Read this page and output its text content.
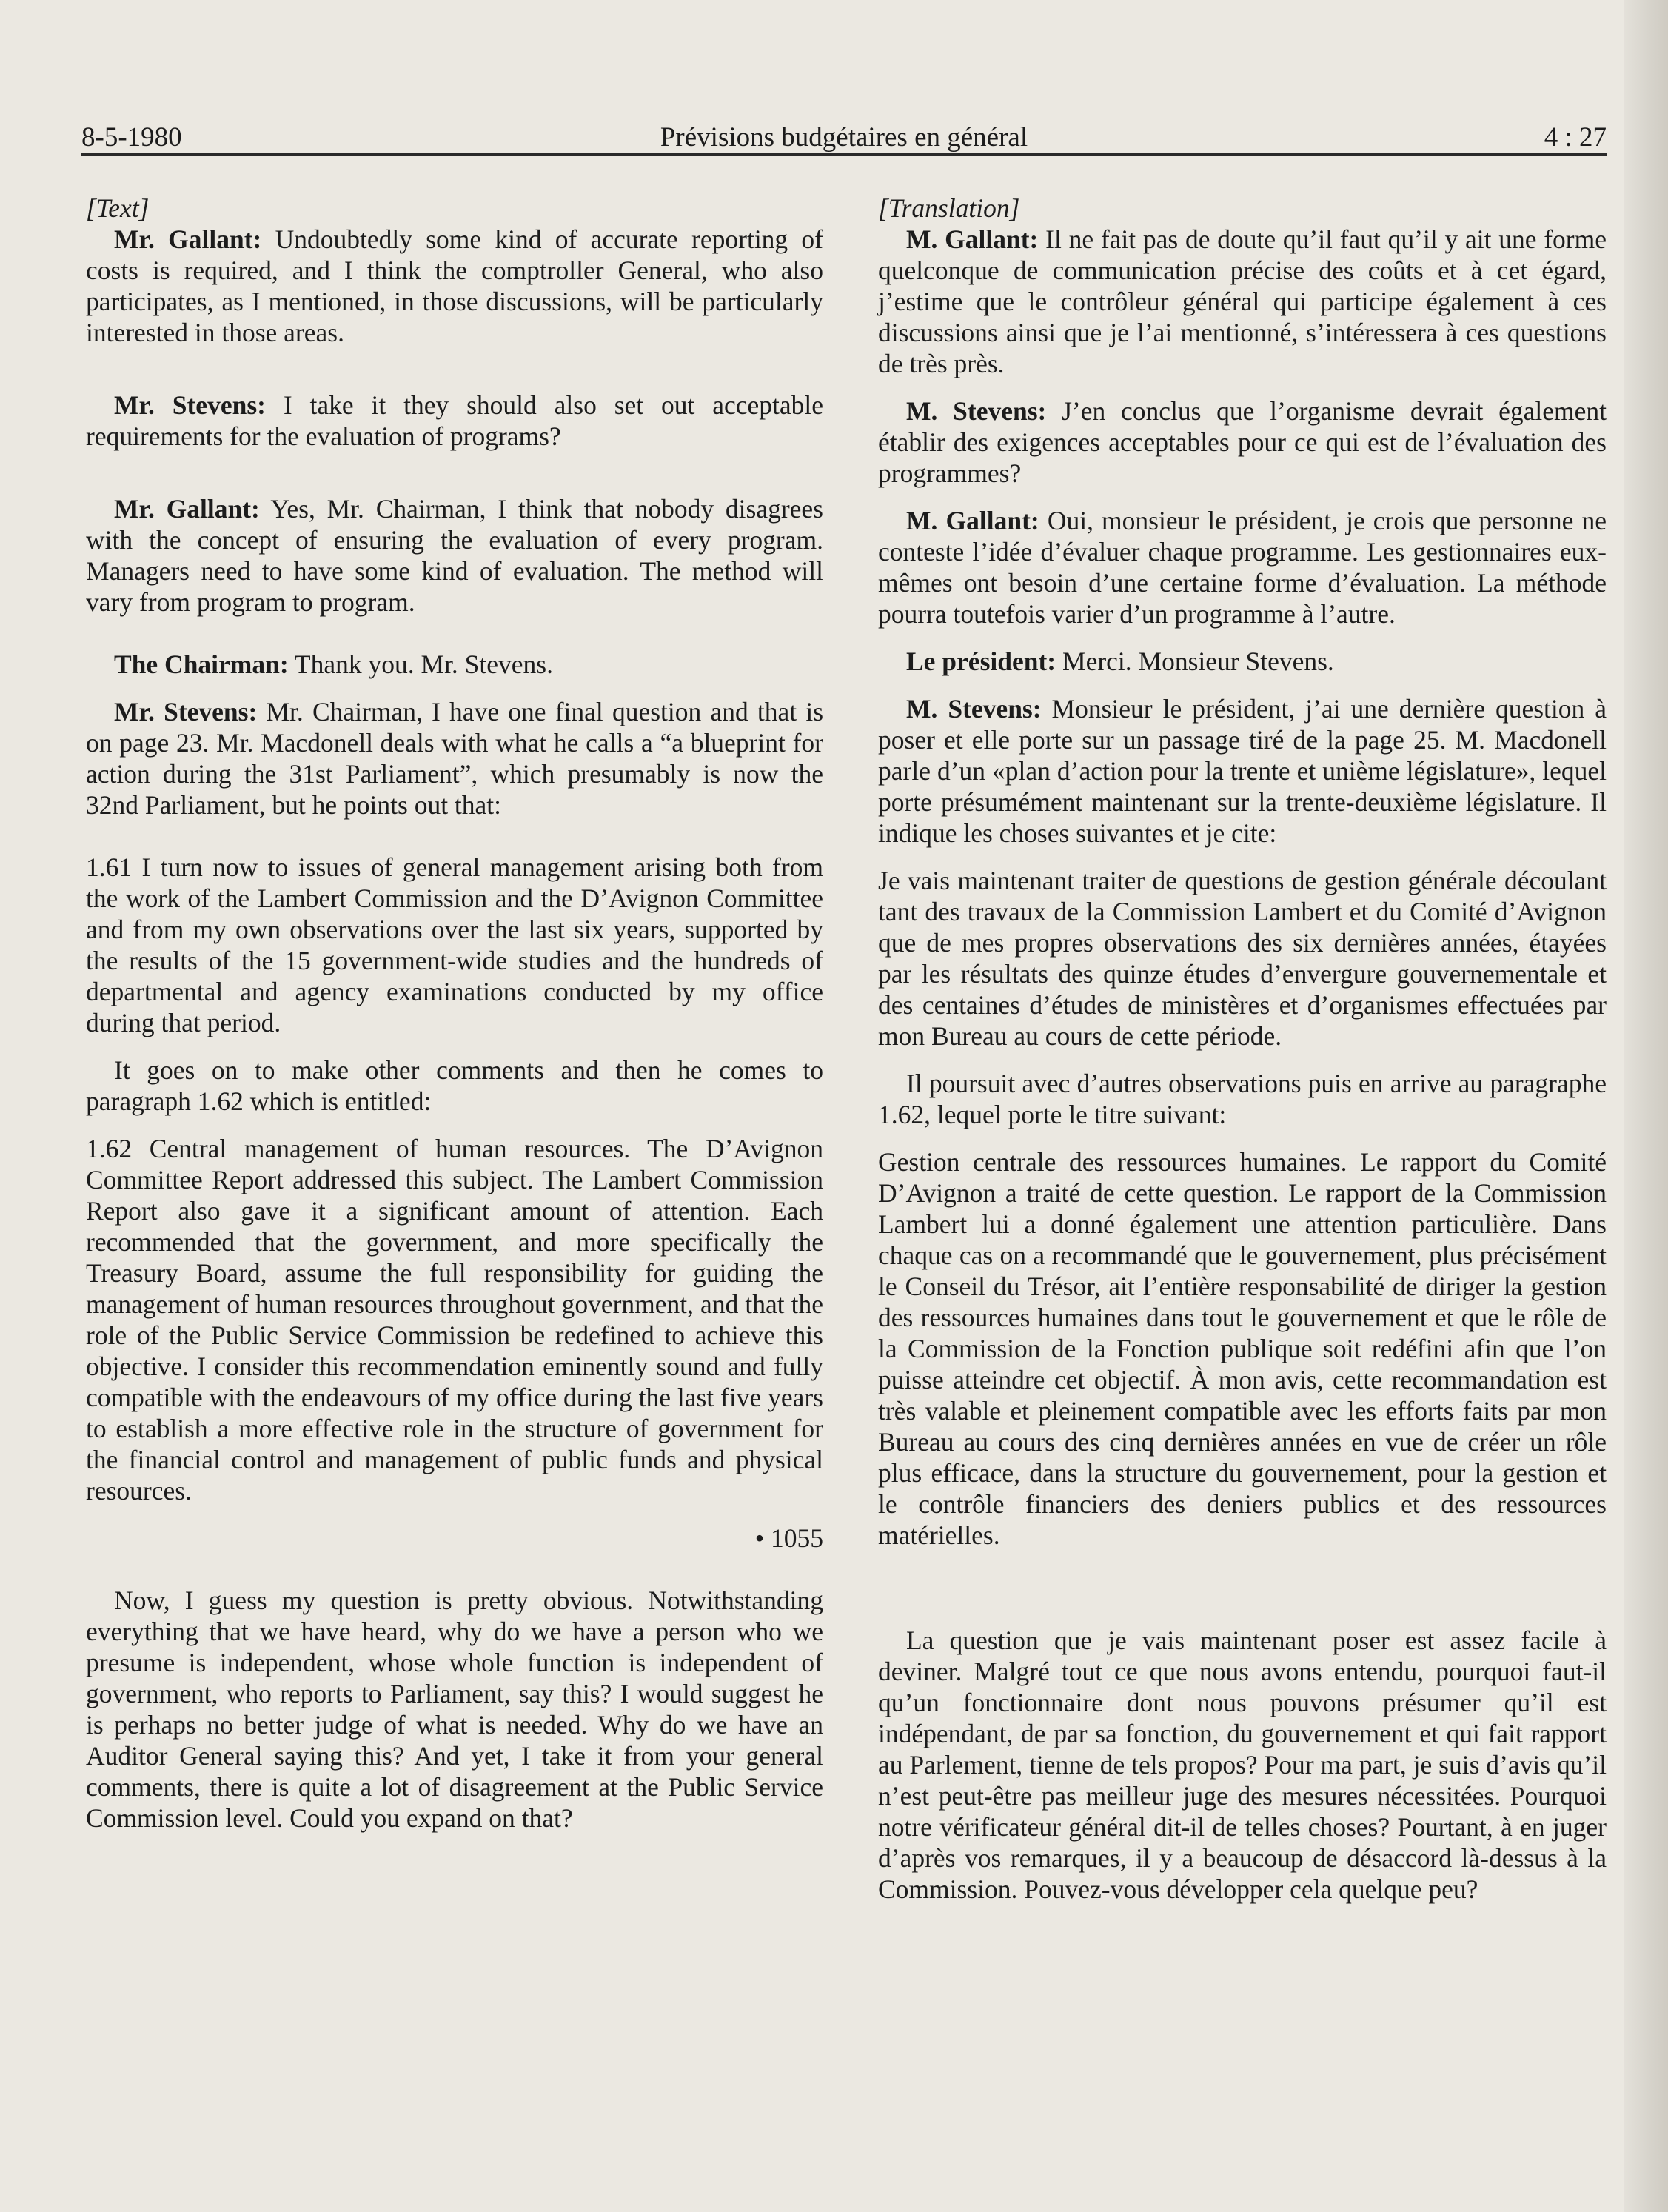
8-5-1980	Prévisions budgétaires en général	4 : 27

[Text]

Mr. Gallant: Undoubtedly some kind of accurate reporting of costs is required, and I think the comptroller General, who also participates, as I mentioned, in those discussions, will be particularly interested in those areas.

Mr. Stevens: I take it they should also set out acceptable requirements for the evaluation of programs?

Mr. Gallant: Yes, Mr. Chairman, I think that nobody disagrees with the concept of ensuring the evaluation of every program. Managers need to have some kind of evaluation. The method will vary from program to program.

The Chairman: Thank you. Mr. Stevens.

Mr. Stevens: Mr. Chairman, I have one final question and that is on page 23. Mr. Macdonell deals with what he calls a “a blueprint for action during the 31st Parliament”, which presumably is now the 32nd Parliament, but he points out that:

1.61 I turn now to issues of general management arising both from the work of the Lambert Commission and the D’Avignon Committee and from my own observations over the last six years, supported by the results of the 15 government-wide studies and the hundreds of departmental and agency examinations conducted by my office during that period.

It goes on to make other comments and then he comes to paragraph 1.62 which is entitled:

1.62 Central management of human resources. The D’Avignon Committee Report addressed this subject. The Lambert Commission Report also gave it a significant amount of attention. Each recommended that the government, and more specifically the Treasury Board, assume the full responsibility for guiding the management of human resources throughout government, and that the role of the Public Service Commission be redefined to achieve this objective. I consider this recommendation eminently sound and fully compatible with the endeavours of my office during the last five years to establish a more effective role in the structure of government for the financial control and management of public funds and physical resources.

• 1055

Now, I guess my question is pretty obvious. Notwithstanding everything that we have heard, why do we have a person who we presume is independent, whose whole function is independent of government, who reports to Parliament, say this? I would suggest he is perhaps no better judge of what is needed. Why do we have an Auditor General saying this? And yet, I take it from your general comments, there is quite a lot of disagreement at the Public Service Commission level. Could you expand on that?

[Translation]

M. Gallant: Il ne fait pas de doute qu’il faut qu’il y ait une forme quelconque de communication précise des coûts et à cet égard, j’estime que le contrôleur général qui participe également à ces discussions ainsi que je l’ai mentionné, s’intéressera à ces questions de très près.

M. Stevens: J’en conclus que l’organisme devrait également établir des exigences acceptables pour ce qui est de l’évaluation des programmes?

M. Gallant: Oui, monsieur le président, je crois que personne ne conteste l’idée d’évaluer chaque programme. Les gestionnaires eux-mêmes ont besoin d’une certaine forme d’évaluation. La méthode pourra toutefois varier d’un programme à l’autre.

Le président: Merci. Monsieur Stevens.

M. Stevens: Monsieur le président, j’ai une dernière question à poser et elle porte sur un passage tiré de la page 25. M. Macdonell parle d’un «plan d’action pour la trente et unième législature», lequel porte présumément maintenant sur la trente-deuxième législature. Il indique les choses suivantes et je cite:

Je vais maintenant traiter de questions de gestion générale découlant tant des travaux de la Commission Lambert et du Comité d’Avignon que de mes propres observations des six dernières années, étayées par les résultats des quinze études d’envergure gouvernementale et des centaines d’études de ministères et d’organismes effectuées par mon Bureau au cours de cette période.

Il poursuit avec d’autres observations puis en arrive au paragraphe 1.62, lequel porte le titre suivant:

Gestion centrale des ressources humaines. Le rapport du Comité D’Avignon a traité de cette question. Le rapport de la Commission Lambert lui a donné également une attention particulière. Dans chaque cas on a recommandé que le gouvernement, plus précisément le Conseil du Trésor, ait l’entière responsabilité de diriger la gestion des ressources humaines dans tout le gouvernement et que le rôle de la Commission de la Fonction publique soit redéfini afin que l’on puisse atteindre cet objectif. À mon avis, cette recommandation est très valable et pleinement compatible avec les efforts faits par mon Bureau au cours des cinq dernières années en vue de créer un rôle plus efficace, dans la structure du gouvernement, pour la gestion et le contrôle financiers des deniers publics et des ressources matérielles.

La question que je vais maintenant poser est assez facile à deviner. Malgré tout ce que nous avons entendu, pourquoi faut-il qu’un fonctionnaire dont nous pouvons présumer qu’il est indépendant, de par sa fonction, du gouvernement et qui fait rapport au Parlement, tienne de tels propos? Pour ma part, je suis d’avis qu’il n’est peut-être pas meilleur juge des mesures nécessitées. Pourquoi notre vérificateur général dit-il de telles choses? Pourtant, à en juger d’après vos remarques, il y a beaucoup de désaccord là-dessus à la Commission. Pouvez-vous développer cela quelque peu?
